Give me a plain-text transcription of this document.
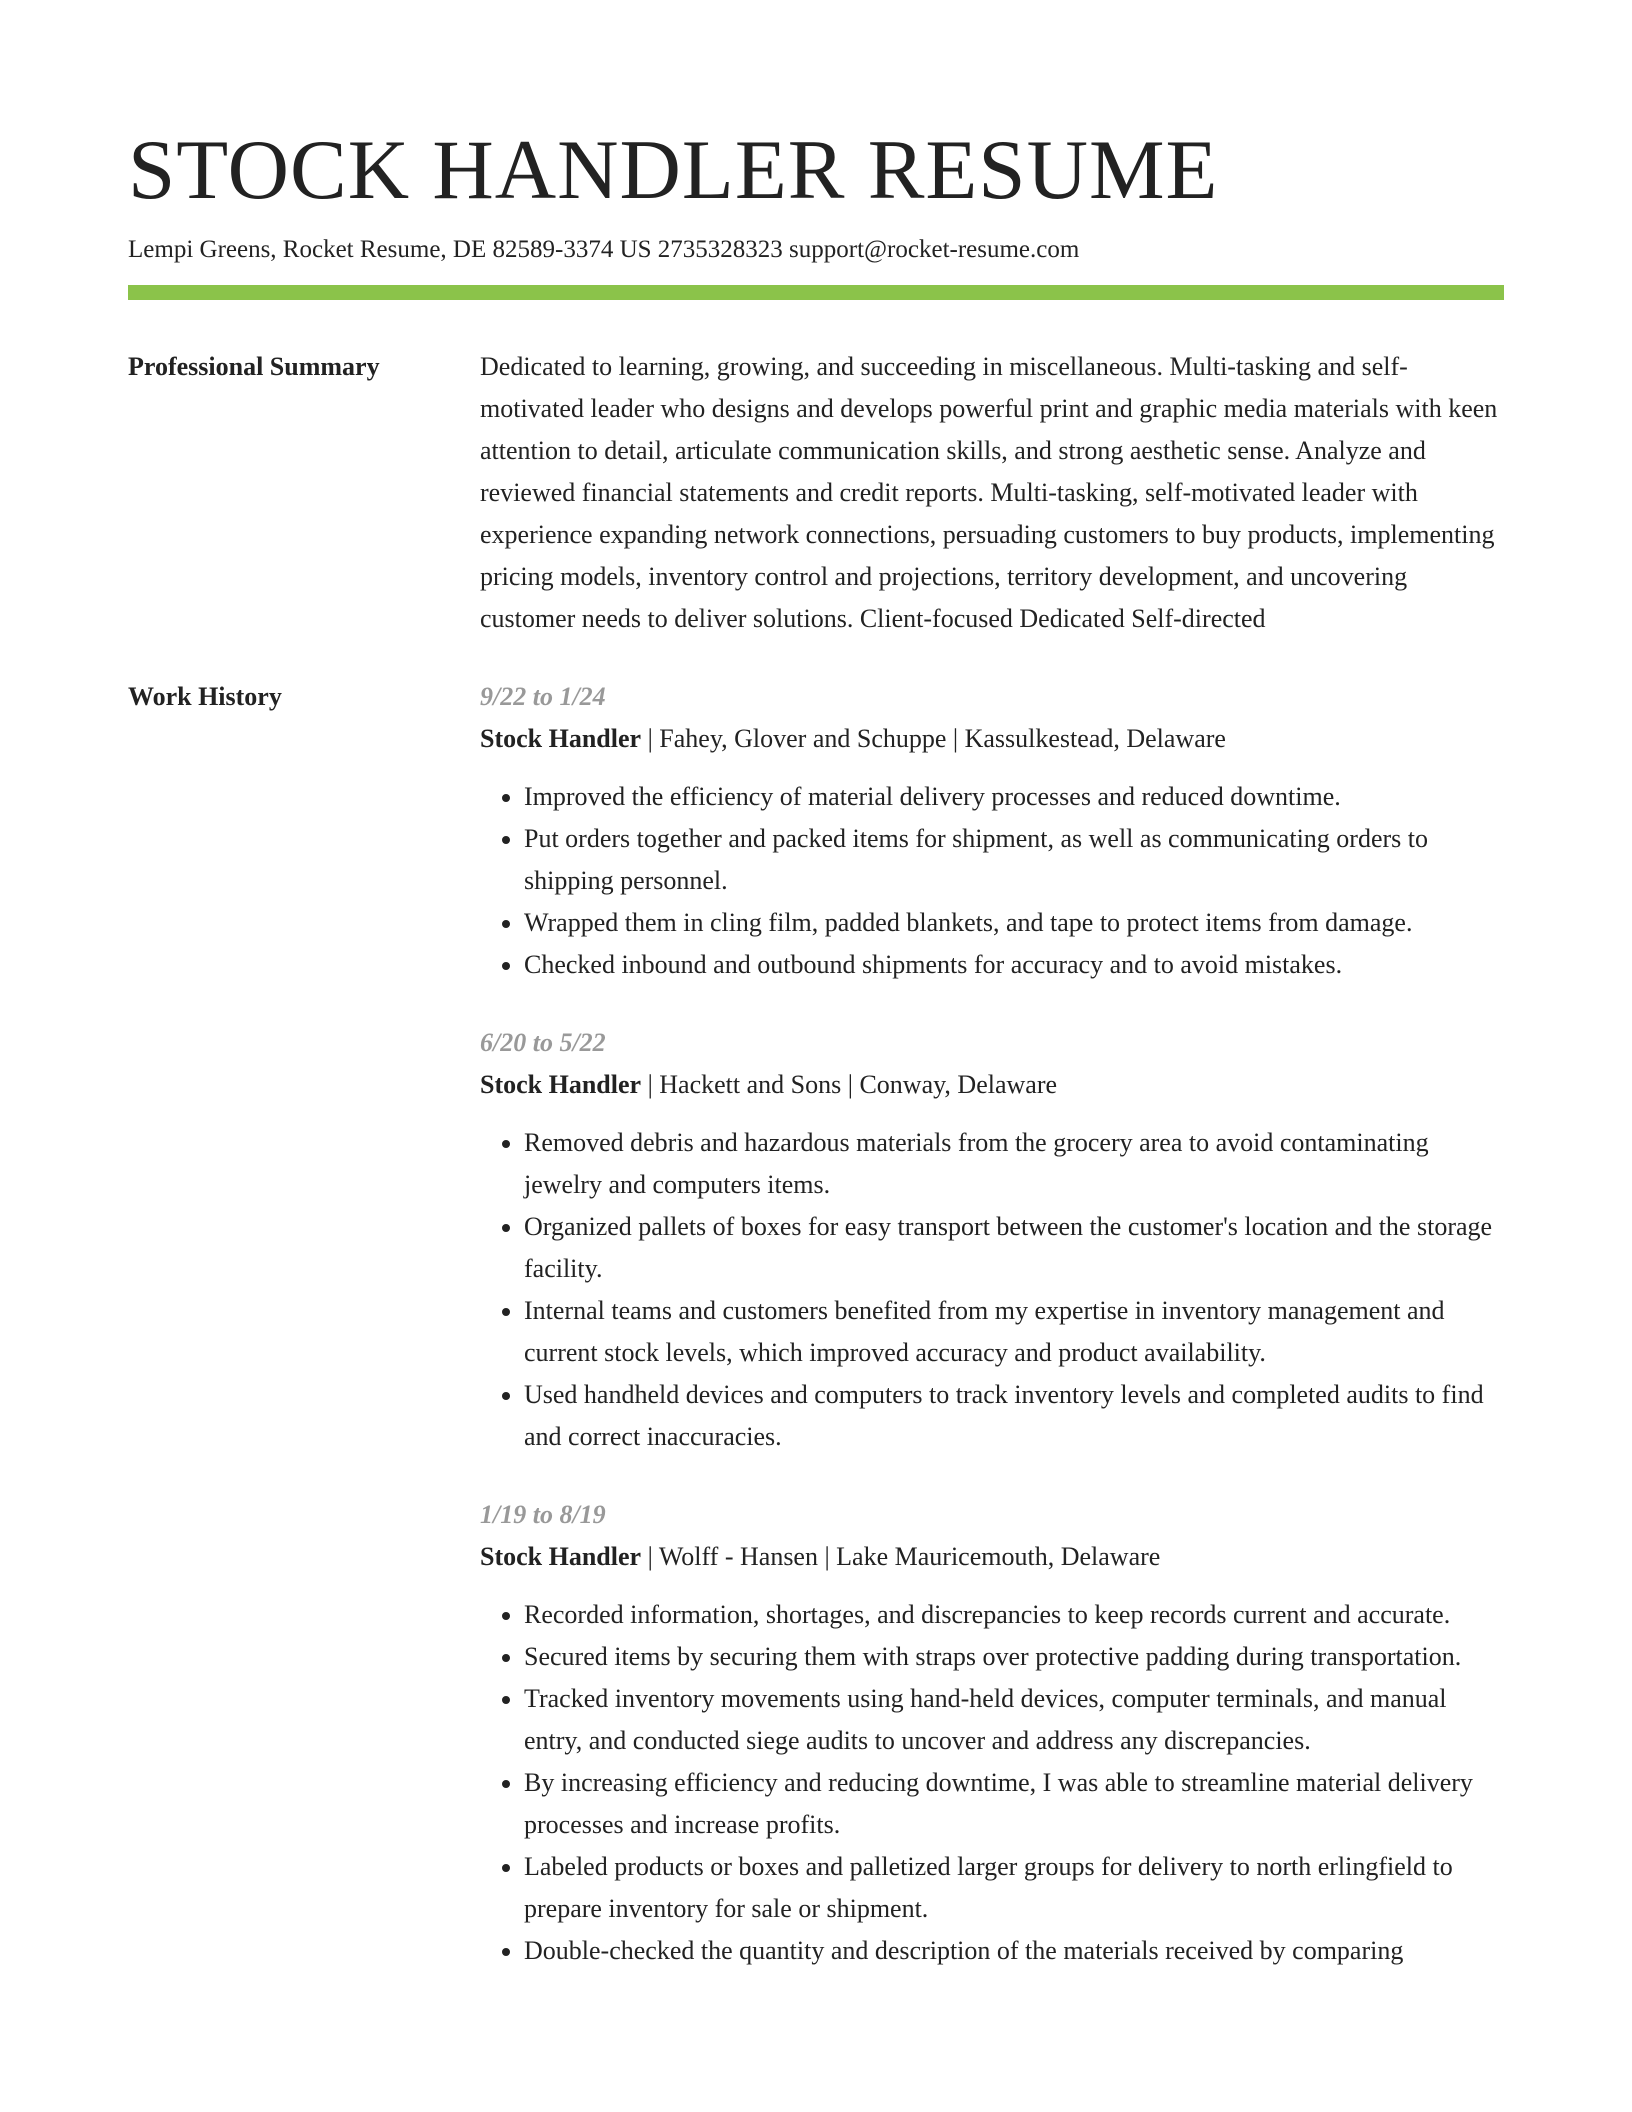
STOCK HANDLER RESUME
Lempi Greens, Rocket Resume, DE 82589-3374 US 2735328323 support@rocket-resume.com
Professional Summary	Dedicated to learning, growing, and succeeding in miscellaneous. Multi-tasking and self-motivated leader who designs and develops powerful print and graphic media materials with keen attention to detail, articulate communication skills, and strong aesthetic sense. Analyze and reviewed financial statements and credit reports. Multi-tasking, self-motivated leader with experience expanding network connections, persuading customers to buy products, implementing pricing models, inventory control and projections, territory development, and uncovering customer needs to deliver solutions. Client-focused Dedicated Self-directed

Work History	9/22 to 1/24
Stock Handler | Fahey, Glover and Schuppe | Kassulkestead, Delaware
• Improved the efficiency of material delivery processes and reduced downtime.
• Put orders together and packed items for shipment, as well as communicating orders to shipping personnel.
• Wrapped them in cling film, padded blankets, and tape to protect items from damage.
• Checked inbound and outbound shipments for accuracy and to avoid mistakes.
6/20 to 5/22
Stock Handler | Hackett and Sons | Conway, Delaware
• Removed debris and hazardous materials from the grocery area to avoid contaminating jewelry and computers items.
• Organized pallets of boxes for easy transport between the customer's location and the storage facility.
• Internal teams and customers benefited from my expertise in inventory management and current stock levels, which improved accuracy and product availability.
• Used handheld devices and computers to track inventory levels and completed audits to find and correct inaccuracies.
1/19 to 8/19
Stock Handler | Wolff - Hansen | Lake Mauricemouth, Delaware
• Recorded information, shortages, and discrepancies to keep records current and accurate.
• Secured items by securing them with straps over protective padding during transportation.
• Tracked inventory movements using hand-held devices, computer terminals, and manual entry, and conducted siege audits to uncover and address any discrepancies.
• By increasing efficiency and reducing downtime, I was able to streamline material delivery processes and increase profits.
• Labeled products or boxes and palletized larger groups for delivery to north erlingfield to prepare inventory for sale or shipment.
• Double-checked the quantity and description of the materials received by comparing
